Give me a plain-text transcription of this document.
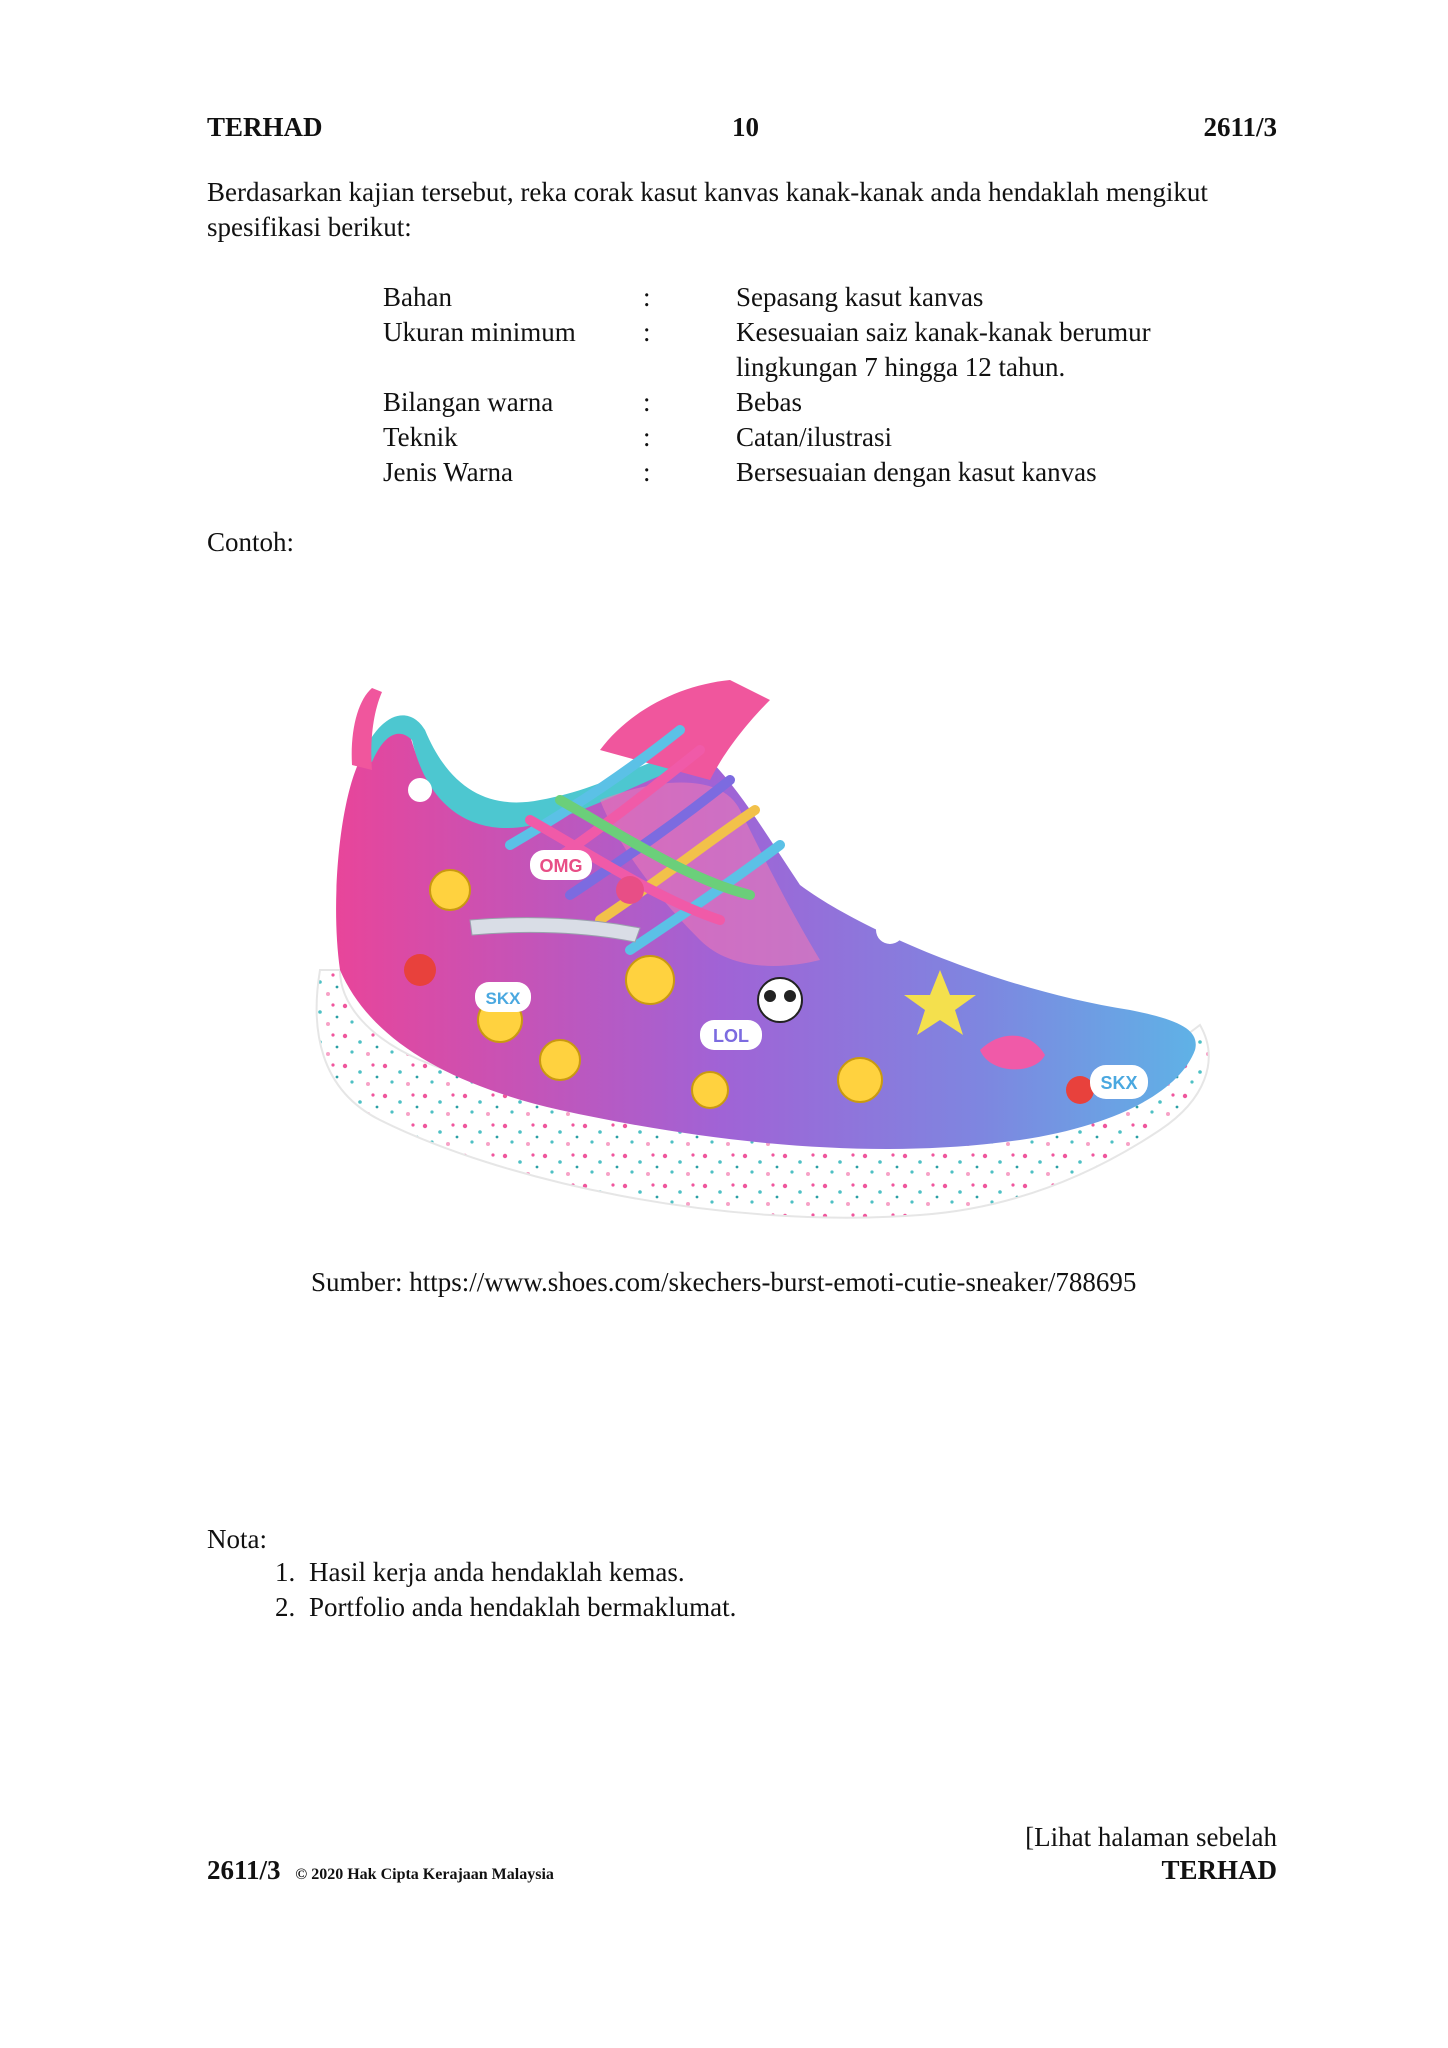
TERHAD	10	2611/3
Berdasarkan kajian tersebut, reka corak kasut kanvas kanak-kanak anda hendaklah mengikut
spesifikasi berikut:
Bahan	:	Sepasang kasut kanvas
Ukuran minimum :	Kesesuaian saiz kanak-kanak berumur
lingkungan 7 hingga 12 tahun.
Bilangan warna	:	Bebas
Teknik	:	Catan/ilustrasi
Jenis Warna	:	Bersesuaian dengan kasut kanvas
Contoh:
OMG
LOL
SKX
SKX
Sumber: https://www.shoes.com/skechers-burst-emoti-cutie-sneaker/788695
Nota:
1. Hasil kerja anda hendaklah kemas.
2. Portfolio anda hendaklah bermaklumat.
2611/3 © 2020 Hak Cipta Kerajaan Malaysia
[Lihat halaman sebelah
TERHAD
